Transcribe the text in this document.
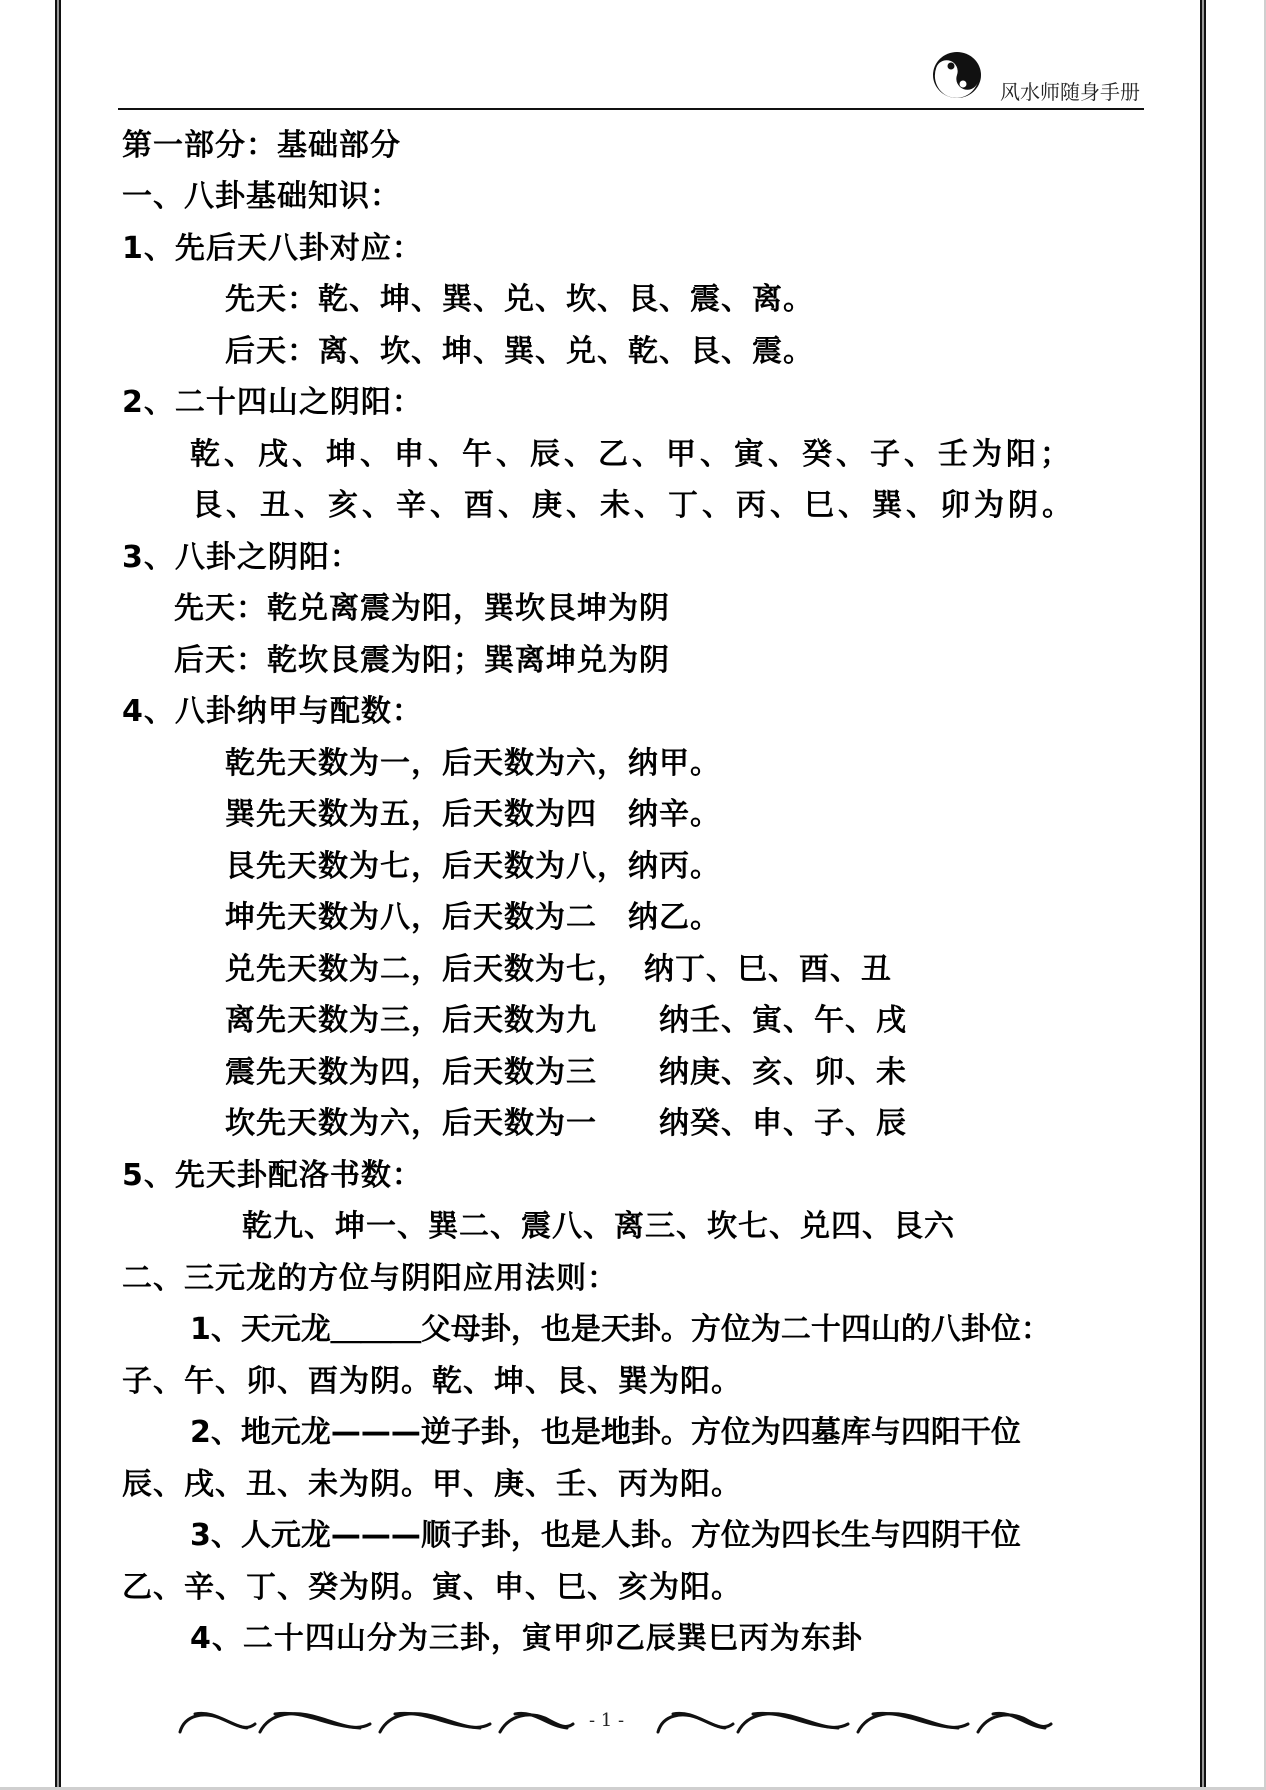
风水师随身手册
第一部分：基础部分
一、八卦基础知识：
1、先后天八卦对应：
先天：乾、坤、巽、兑、坎、艮、震、离。
后天：离、坎、坤、巽、兑、乾、艮、震。
2、二十四山之阴阳：
乾、戌、坤、申、午、辰、乙、甲、寅、癸、子、壬为阳；
艮、丑、亥、辛、酉、庚、未、丁、丙、巳、巽、卯为阴。
3、八卦之阴阳：
先天：乾兑离震为阳，巽坎艮坤为阴
后天：乾坎艮震为阳；巽离坤兑为阴
4、八卦纳甲与配数：
乾先天数为一，后天数为六，纳甲。
巽先天数为五，后天数为四　纳辛。
艮先天数为七，后天数为八，纳丙。
坤先天数为八，后天数为二　纳乙。
兑先天数为二，后天数为七，　纳丁、巳、酉、丑
离先天数为三，后天数为九　　纳壬、寅、午、戌
震先天数为四，后天数为三　　纳庚、亥、卯、未
坎先天数为六，后天数为一　　纳癸、申、子、辰
5、先天卦配洛书数：
乾九、坤一、巽二、震八、离三、坎七、兑四、艮六
二、三元龙的方位与阴阳应用法则：
1、天元龙＿＿＿父母卦，也是天卦。方位为二十四山的八卦位：
子、午、卯、酉为阴。乾、坤、艮、巽为阳。
2、地元龙———逆子卦，也是地卦。方位为四墓库与四阳干位
辰、戌、丑、未为阴。甲、庚、壬、丙为阳。
3、人元龙———顺子卦，也是人卦。方位为四长生与四阴干位
乙、辛、丁、癸为阴。寅、申、巳、亥为阳。
4、二十四山分为三卦，寅甲卯乙辰巽巳丙为东卦
- 1 -
